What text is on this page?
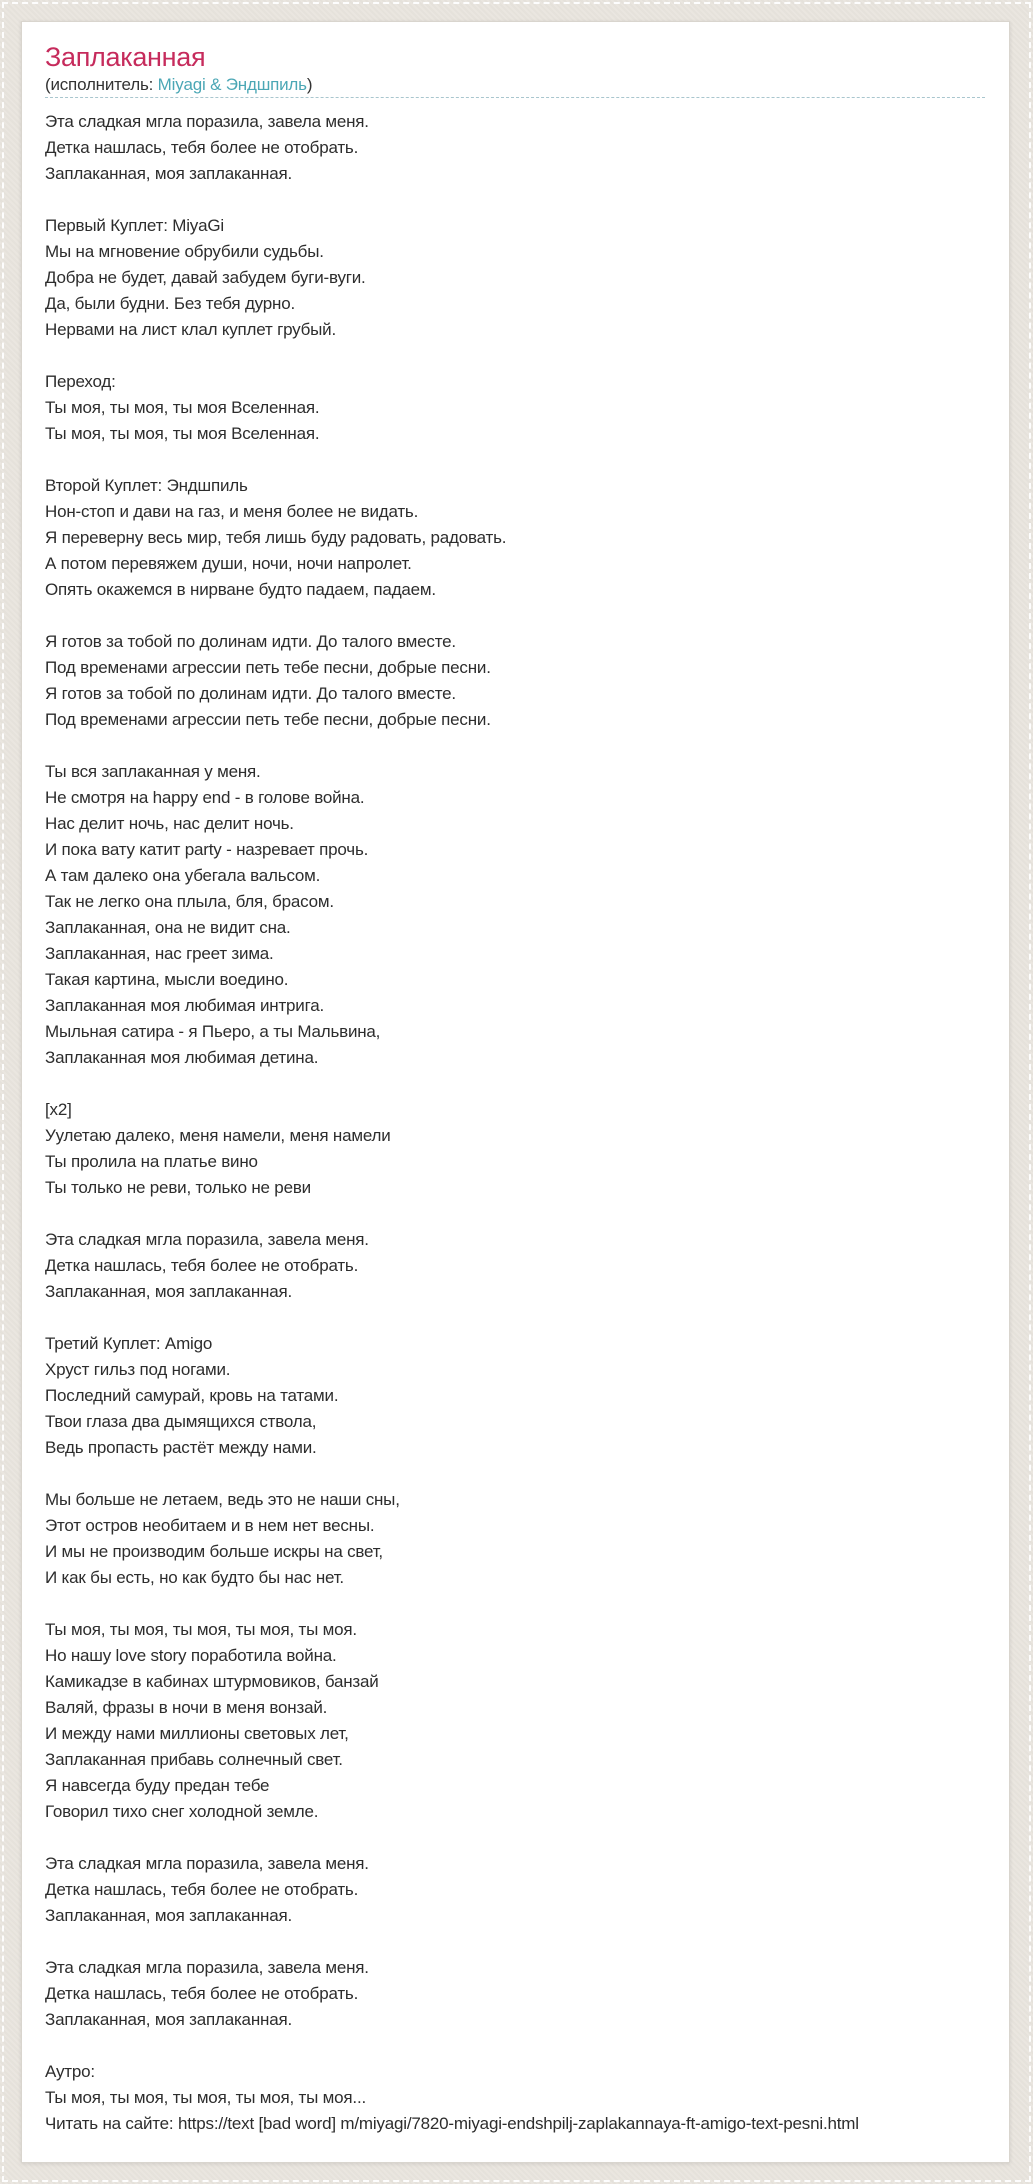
Заплаканная
(исполнитель: Miyagi & Эндшпиль)
Эта сладкая мгла поразила, завела меня.
Детка нашлась, тебя более не отобрать.
Заплаканная, моя заплаканная.
Первый Куплет: MiyaGi
Мы на мгновение обрубили судьбы.
Добра не будет, давай забудем буги-вуги.
Да, были будни. Без тебя дурно.
Нервами на лист клал куплет грубый.
Переход:
Ты моя, ты моя, ты моя Вселенная.
Ты моя, ты моя, ты моя Вселенная.
Второй Куплет: Эндшпиль
Нон-стоп и дави на газ, и меня более не видать.
Я переверну весь мир, тебя лишь буду радовать, радовать.
А потом перевяжем души, ночи, ночи напролет.
Опять окажемся в нирване будто падаем, падаем.
Я готов за тобой по долинам идти. До талого вместе.
Под временами агрессии петь тебе песни, добрые песни.
Я готов за тобой по долинам идти. До талого вместе.
Под временами агрессии петь тебе песни, добрые песни.
Ты вся заплаканная у меня.
Не смотря на happy end - в голове война.
Нас делит ночь, нас делит ночь.
И пока вату катит party - назревает прочь.
А там далеко она убегала вальсом.
Так не легко она плыла, бля, брасом.
Заплаканная, она не видит сна.
Заплаканная, нас греет зима.
Такая картина, мысли воедино.
Заплаканная моя любимая интрига.
Мыльная сатира - я Пьеро, а ты Мальвина,
Заплаканная моя любимая детина.
[x2]
Уулетаю далеко, меня намели, меня намели
Ты пролила на платье вино
Ты только не реви, только не реви
Эта сладкая мгла поразила, завела меня.
Детка нашлась, тебя более не отобрать.
Заплаканная, моя заплаканная.
Третий Куплет: Amigo
Хруст гильз под ногами.
Последний самурай, кровь на татами.
Твои глаза два дымящихся ствола,
Ведь пропасть растёт между нами.
Мы больше не летаем, ведь это не наши сны,
Этот остров необитаем и в нем нет весны.
И мы не производим больше искры на свет,
И как бы есть, но как будто бы нас нет.
Ты моя, ты моя, ты моя, ты моя, ты моя.
Но нашу love story поработила война.
Камикадзе в кабинах штурмовиков, банзай
Валяй, фразы в ночи в меня вонзай.
И между нами миллионы световых лет,
Заплаканная прибавь солнечный свет.
Я навсегда буду предан тебе
Говорил тихо снег холодной земле.
Эта сладкая мгла поразила, завела меня.
Детка нашлась, тебя более не отобрать.
Заплаканная, моя заплаканная.
Эта сладкая мгла поразила, завела меня.
Детка нашлась, тебя более не отобрать.
Заплаканная, моя заплаканная.
Аутро:
Ты моя, ты моя, ты моя, ты моя, ты моя...
Читать на сайте: https://text [bad word] m/miyagi/7820-miyagi-endshpilj-zaplakannaya-ft-amigo-text-pesni.html
